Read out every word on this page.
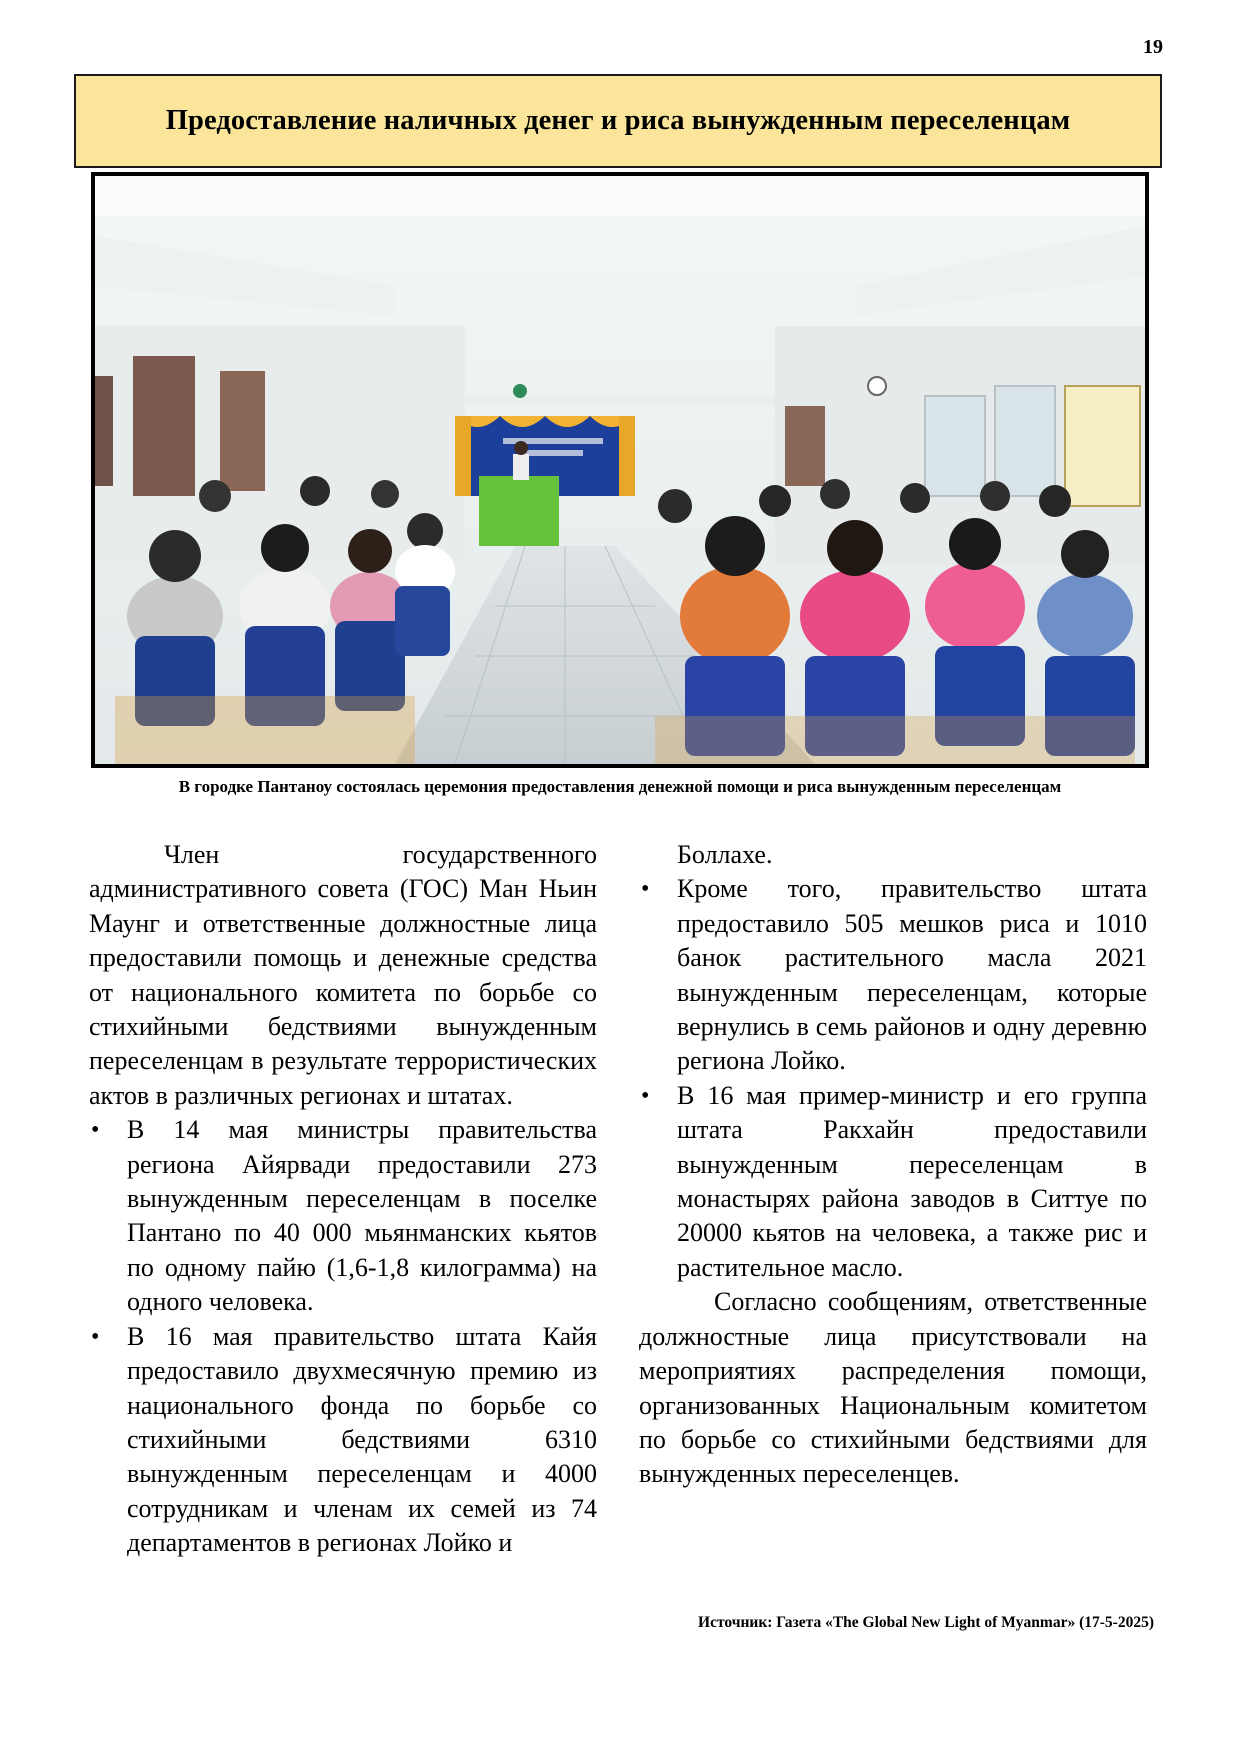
19
Предоставление наличных денег и риса вынужденным переселенцам
В городке Пантаноу состоялась церемония предоставления денежной помощи и риса вынужденным переселенцам

Член государственного административного совета (ГОС) Ман Ньин Маунг и ответственные должностные лица предоставили помощь и денежные средства от национального комитета по борьбе со стихийными бедствиями вынужденным переселенцам в результате террористических актов в различных регионах и штатах.

• В 14 мая министры правительства региона Айярвади предоставили 273 вынужденным переселенцам в поселке Пантано по 40 000 мьянманских кьятов по одному пайю (1,6-1,8 килограмма) на одного человека.
• В 16 мая правительство штата Кайя предоставило двухмесячную премию из национального фонда по борьбе со стихийными бедствиями 6310 вынужденным переселенцам и 4000 сотрудникам и членам их семей из 74 департаментов в регионах Лойко и

Боллахе.

• Кроме того, правительство штата предоставило 505 мешков риса и 1010 банок растительного масла 2021 вынужденным переселенцам, которые вернулись в семь районов и одну деревню региона Лойко.
• В 16 мая пример-министр и его группа штата Ракхайн предоставили вынужденным переселенцам в монастырях района заводов в Ситтуе по 20000 кьятов на человека, а также рис и растительное масло.

Согласно сообщениям, ответственные должностные лица присутствовали на мероприятиях распределения помощи, организованных Национальным комитетом по борьбе со стихийными бедствиями для вынужденных переселенцев.

Источник: Газета «The Global New Light of Myanmar» (17-5-2025)
